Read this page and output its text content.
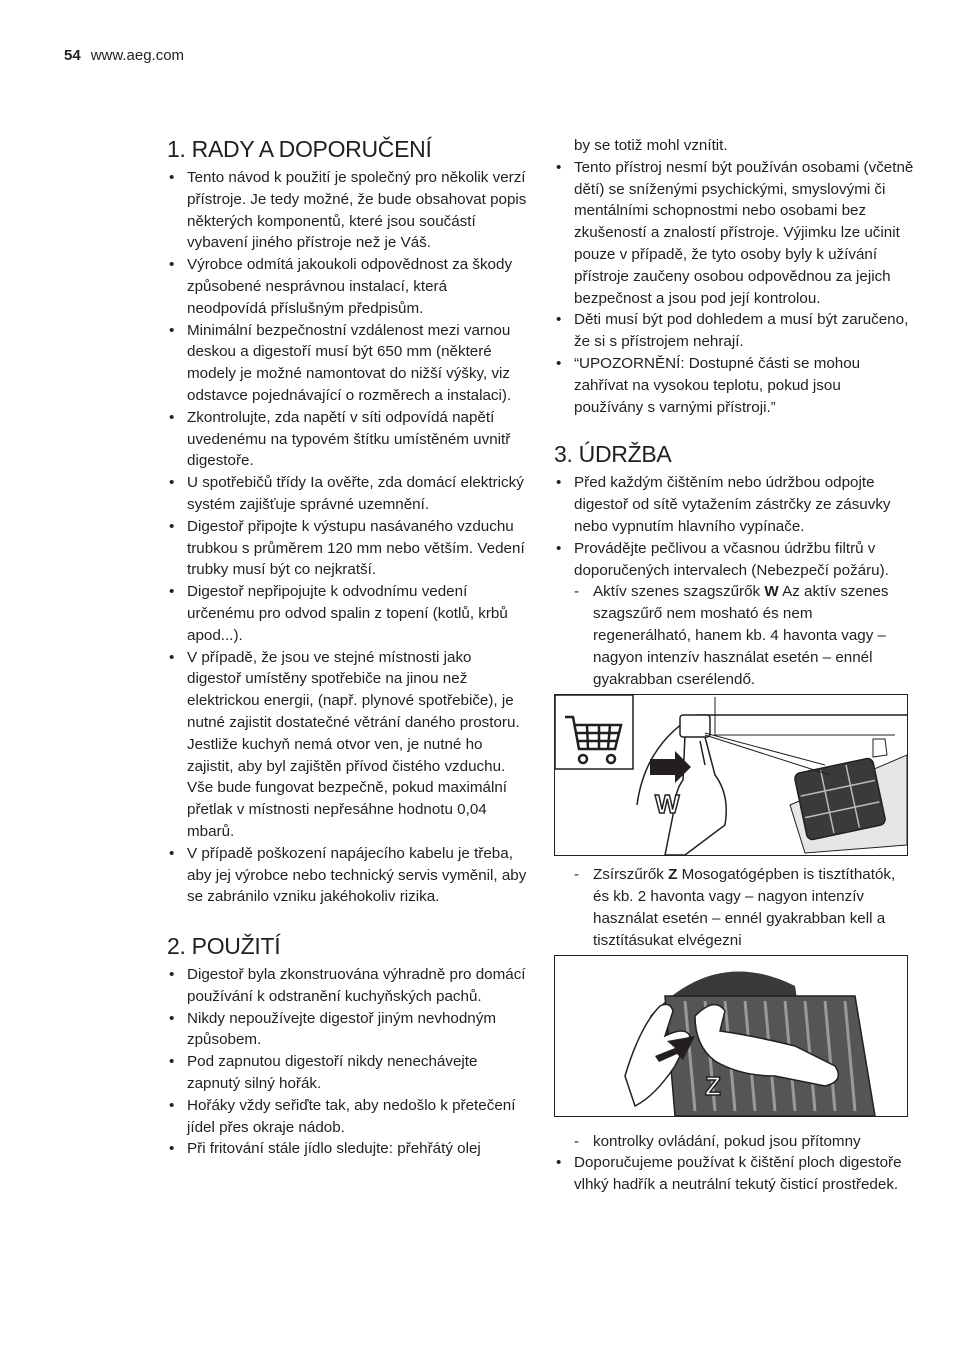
54 www.aeg.com
1. RADY A DOPORUČENÍ
• Tento návod k použití je společný pro několik verzí přístroje. Je tedy možné, že bude obsahovat popis některých komponentů, které jsou součástí vybavení jiného přístroje než je Váš.
• Výrobce odmítá jakoukoli odpovědnost za škody způsobené nesprávnou instalací, která neodpovídá příslušným předpisům.
• Minimální bezpečnostní vzdálenost mezi varnou deskou a digestoří musí být 650 mm (některé modely je možné namontovat do nižší výšky, viz odstavce pojednávající o rozměrech a instalaci).
• Zkontrolujte, zda napětí v síti odpovídá napětí uvedenému na typovém štítku umístěném uvnitř digestoře.
• U spotřebičů třídy Ia ověřte, zda domácí elektrický systém zajišťuje správné uzemnění.
• Digestoř připojte k výstupu nasávaného vzduchu trubkou s průměrem 120 mm nebo větším. Vedení trubky musí být co nejkratší.
• Digestoř nepřipojujte k odvodnímu vedení určenému pro odvod spalin z topení (kotlů, krbů apod...).
• V případě, že jsou ve stejné místnosti jako digestoř umístěny spotřebiče na jinou než elektrickou energii, (např. plynové spotřebiče), je nutné zajistit dostatečné větrání daného prostoru. Jestliže kuchyň nemá otvor ven, je nutné ho zajistit, aby byl zajištěn přívod čistého vzduchu. Vše bude fungovat bezpečně, pokud maximální přetlak v místnosti nepřesáhne hodnotu 0,04 mbarů.
• V případě poškození napájecího kabelu je třeba, aby jej výrobce nebo technický servis vyměnil, aby se zabránilo vzniku jakéhokoliv rizika.
2. POUŽITÍ
• Digestoř byla zkonstruována výhradně pro domácí používání k odstranění kuchyňských pachů.
• Nikdy nepoužívejte digestoř jiným nevhodným způsobem.
• Pod zapnutou digestoří nikdy nenechávejte zapnutý silný hořák.
• Hořáky vždy seřiďte tak, aby nedošlo k přetečení jídel přes okraje nádob.
• Při fritování stále jídlo sledujte: přehřátý olej
by se totiž mohl vznítit.
• Tento přístroj nesmí být používán osobami (včetně dětí) se sníženými psychickými, smyslovými či mentálními schopnostmi nebo osobami bez zkušeností a znalostí přístroje. Výjimku lze učinit pouze v případě, že tyto osoby byly k užívání přístroje zaučeny osobou odpovědnou za jejich bezpečnost a jsou pod její kontrolou.
• Děti musí být pod dohledem a musí být zaručeno, že si s přístrojem nehrají.
• “UPOZORNĚNÍ: Dostupné části se mohou zahřívat na vysokou teplotu, pokud jsou používány s varnými přístroji.”
3. ÚDRŽBA
• Před každým čištěním nebo údržbou odpojte digestoř od sítě vytažením zástrčky ze zásuvky nebo vypnutím hlavního vypínače.
• Provádějte pečlivou a včasnou údržbu filtrů v doporučených intervalech (Nebezpečí požáru).
- Aktív szenes szagszűrők W Az aktív szenes szagszűrő nem mosható és nem regenerálható, hanem kb. 4 havonta vagy – nagyon intenzív használat esetén – ennél gyakrabban cserélendő.
W
- Zsírszűrők Z Mosogatógépben is tisztíthatók, és kb. 2 havonta vagy – nagyon intenzív használat esetén – ennél gyakrabban kell a tisztításukat elvégezni
Z
- kontrolky ovládání, pokud jsou přítomny
• Doporučujeme používat k čištění ploch digestoře vlhký hadřík a neutrální tekutý čisticí prostředek.
